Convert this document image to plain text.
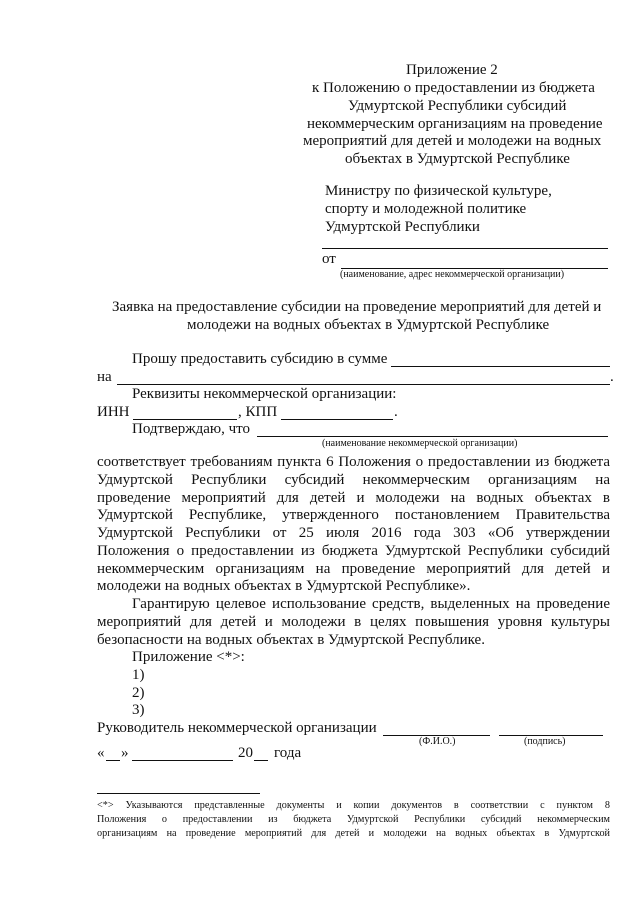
Приложение 2
к Положению о предоставлении из бюджета
Удмуртской Республики субсидий
некоммерческим организациям на проведение
мероприятий для детей и молодежи на водных
объектах в Удмуртской Республике
Министру по физической культуре,
спорту и молодежной политике
Удмуртской Республики
от
(наименование, адрес некоммерческой организации)
Заявка на предоставление субсидии на проведение мероприятий для детей и
молодежи на водных объектах в Удмуртской Республике
Прошу предоставить субсидию в сумме
на	.
Реквизиты некоммерческой организации:
ИНН	, КПП	.
Подтверждаю, что
(наименование некоммерческой организации)
соответствует требованиям пункта 6 Положения о предоставлении из бюджета
Удмуртской Республики субсидий некоммерческим организациям на
проведение мероприятий для детей и молодежи на водных объектах в
Удмуртской Республике, утвержденного постановлением Правительства
Удмуртской Республики от 25 июля 2016 года 303 «Об утверждении
Положения о предоставлении из бюджета Удмуртской Республики субсидий
некоммерческим организациям на проведение мероприятий для детей и
молодежи на водных объектах в Удмуртской Республике».
Гарантирую целевое использование средств, выделенных на проведение
мероприятий для детей и молодежи в целях повышения уровня культуры
безопасности на водных объектах в Удмуртской Республике.
Приложение <*>:
1)
2)
3)
Руководитель некоммерческой организации
(Ф.И.О.)	(подпись)
« »	20 года
<*> Указываются представленные документы и копии документов в соответствии с пунктом 8
Положения о предоставлении из бюджета Удмуртской Республики субсидий некоммерческим
организациям на проведение мероприятий для детей и молодежи на водных объектах в Удмуртской
